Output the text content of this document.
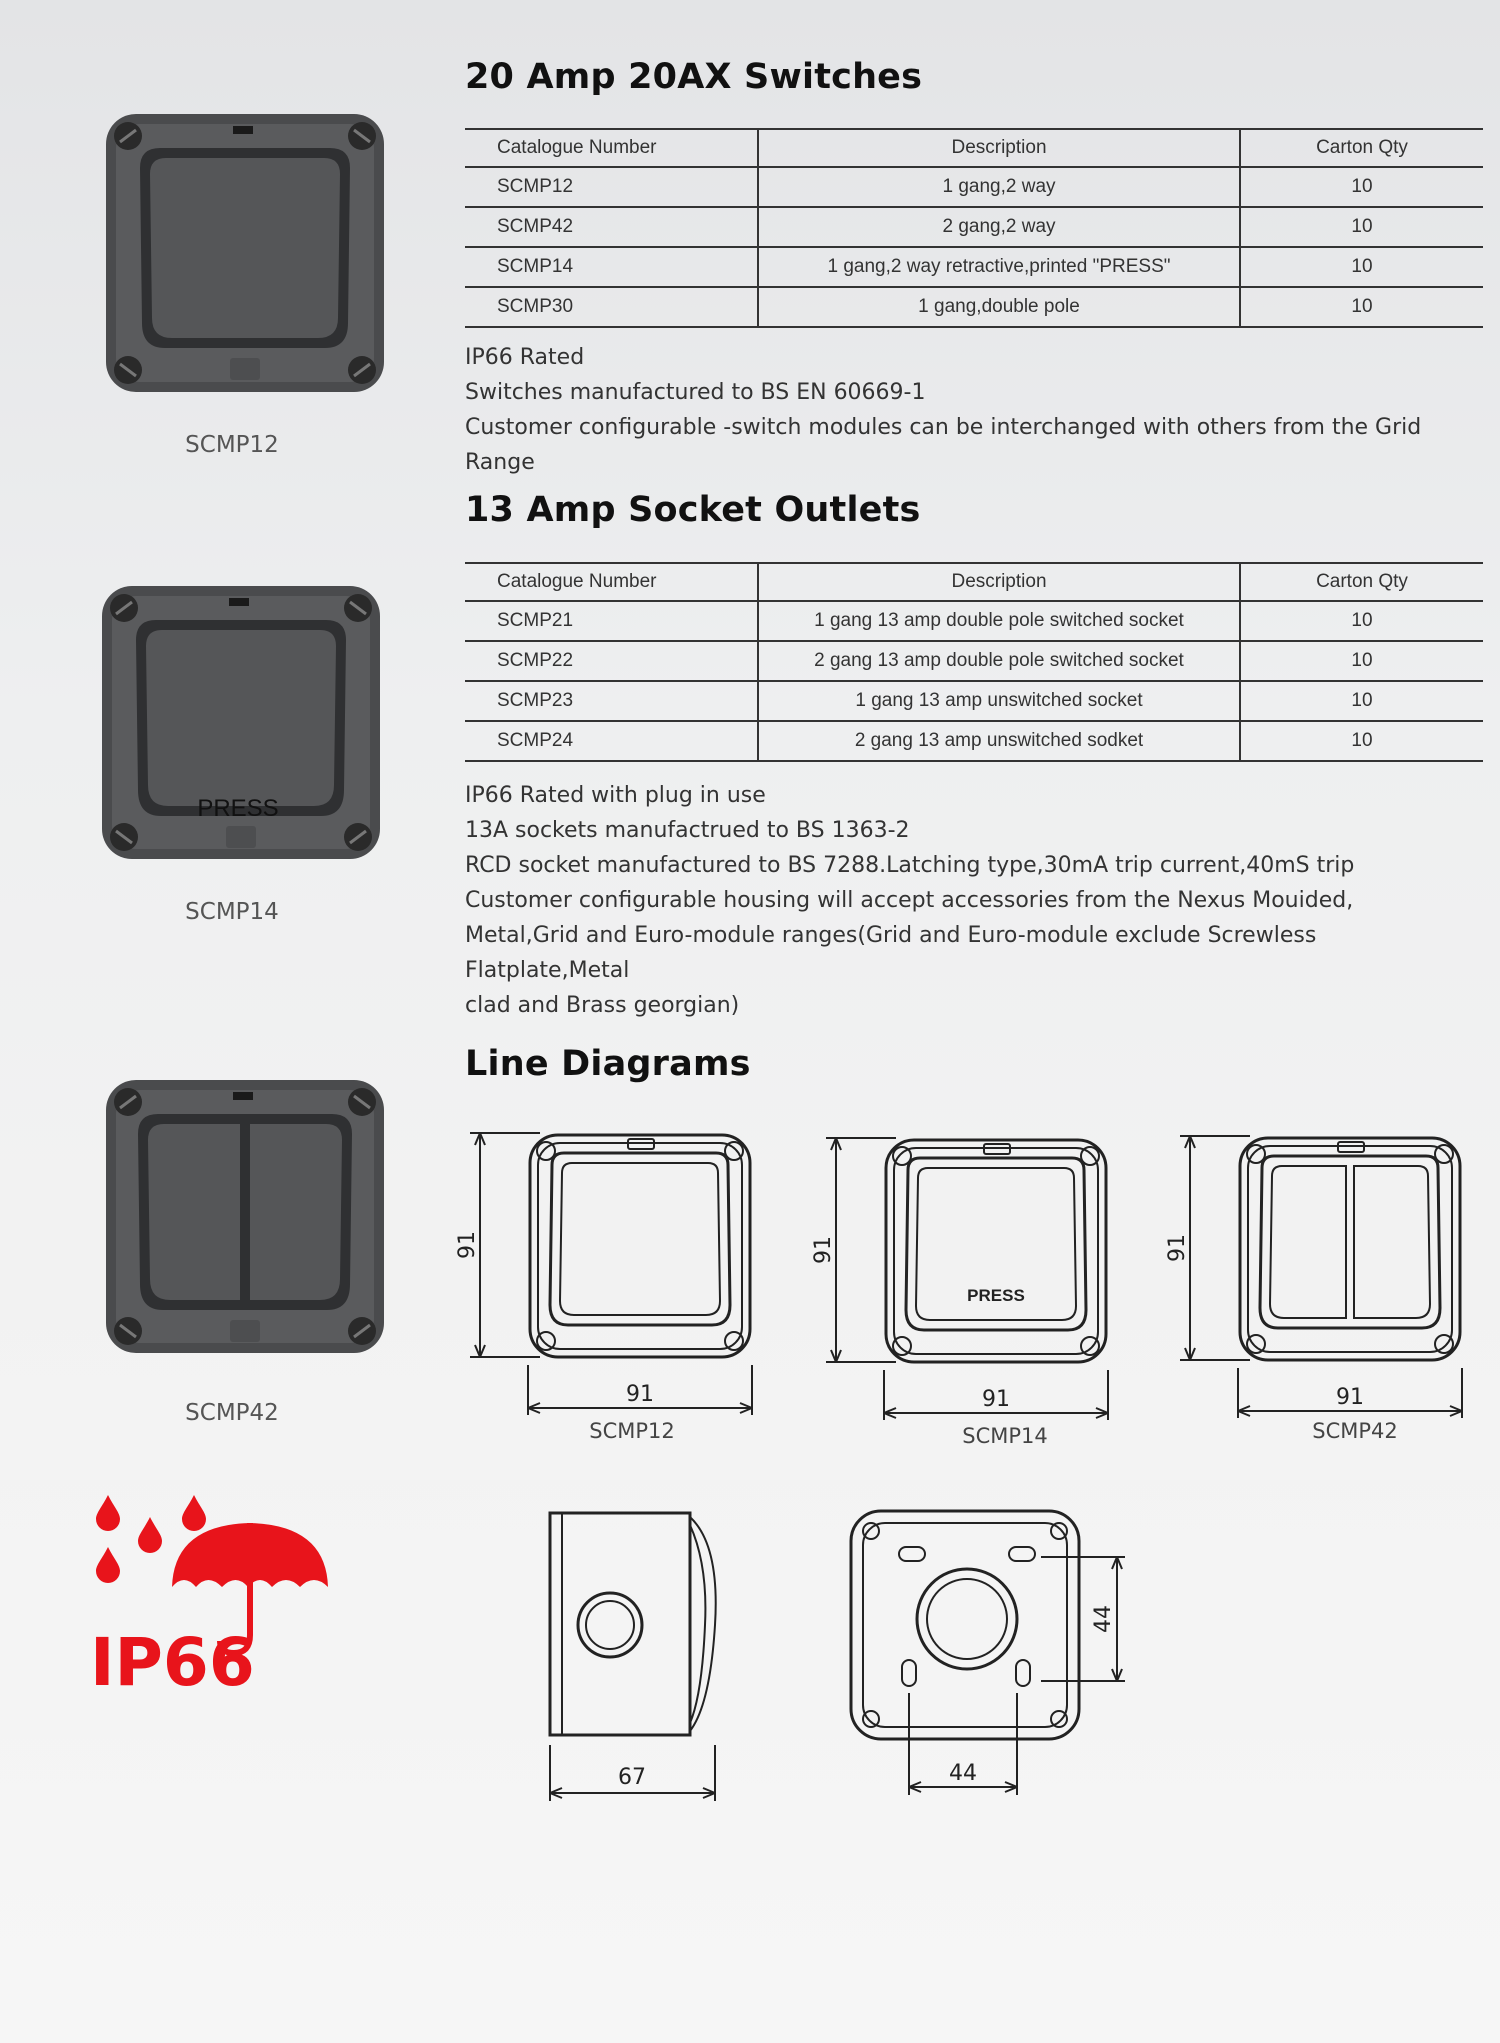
SCMP12
PRESS
SCMP14
SCMP42
IP66
20 Amp 20AX Switches
Catalogue Number	Description	Carton Qty
SCMP12	1 gang,2 way	10
SCMP42	2 gang,2 way	10
SCMP14	1 gang,2 way retractive,printed "PRESS"	10
SCMP30	1 gang,double pole	10

IP66 Rated

Switches manufactured to BS EN 60669-1

Customer configurable -switch modules can be interchanged with others from the Grid Range

13 Amp Socket Outlets
Catalogue Number	Description	Carton Qty
SCMP21	1 gang 13 amp double pole switched socket	10
SCMP22	2 gang 13 amp double pole switched socket	10
SCMP23	1 gang 13 amp unswitched socket	10
SCMP24	2 gang 13 amp unswitched sodket	10

IP66 Rated with plug in use

13A sockets manufactrued to BS 1363-2

RCD socket manufactured to BS 7288.Latching type,30mA trip current,40mS trip

Customer configurable housing will accept accessories from the Nexus Mouided,

Metal,Grid and Euro-module ranges(Grid and Euro-module exclude Screwless Flatplate,Metal

clad and Brass georgian)

Line Diagrams
91
91
SCMP12
PRESS
91
91
SCMP14
91
91
SCMP42
67	44
44
